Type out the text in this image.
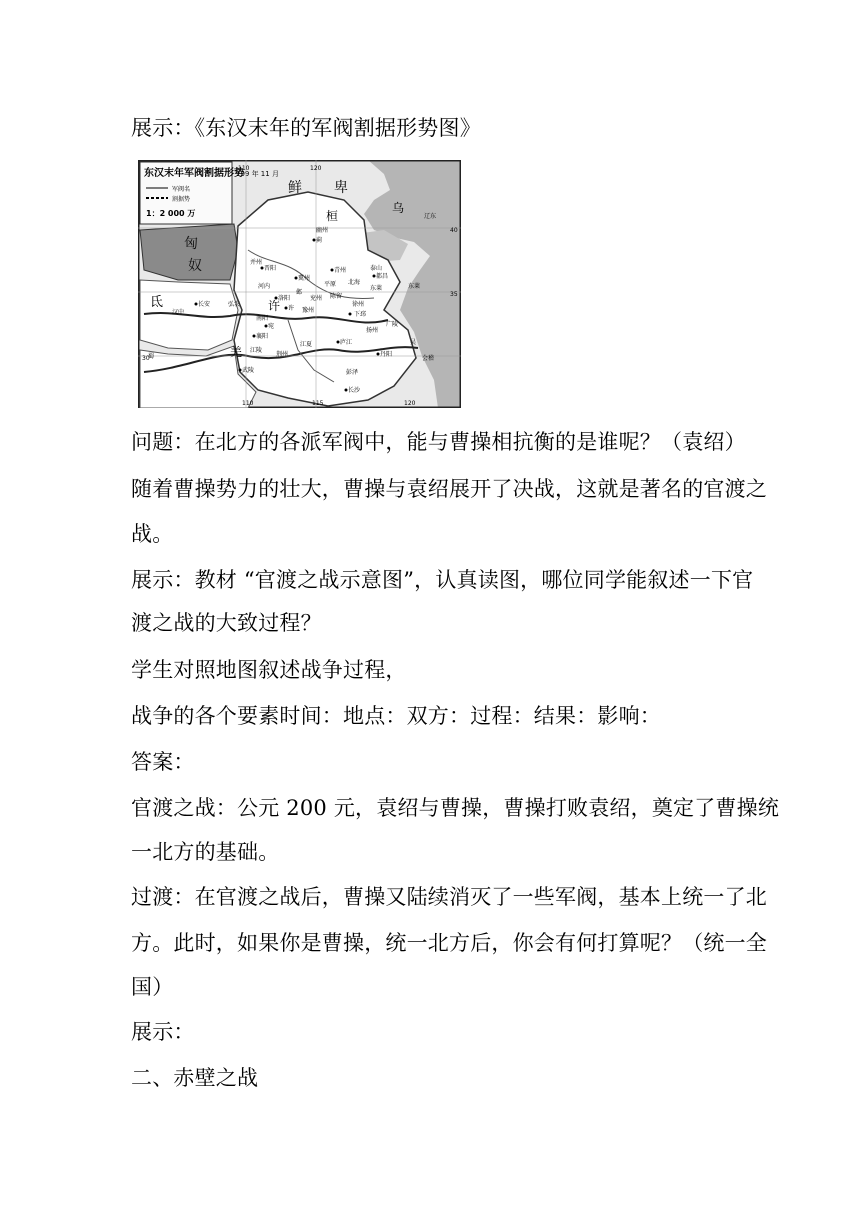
展示：《东汉末年的军阀割据形势图》
东汉末年军阀割据形势
199 年 11 月
军阀名
割据势
1：2 000 万
鲜 卑
乌
桓
匈
奴
氐	许
羌
辽东
幽州
蓟
冀州
青州
东莱
并州
晋阳
都昌
北海
东莱
邺
平原
河内
洛阳	兖州
徐州
下邳
长安	弘农
许 豫州
南阳
广陵
襄阳
宛
江夏	庐江
扬州
吴
武陵
长沙
会稽
丹阳
汉中
蜀
江陵
彭泽
荆州
泰山
陈留
110	120
40
35
30
110	115	120
问题：在北方的各派军阀中，能与曹操相抗衡的是谁呢？（袁绍）
随着曹操势力的壮大，曹操与袁绍展开了决战，这就是著名的官渡之
战。
展示：教材 “官渡之战示意图”，认真读图，哪位同学能叙述一下官
渡之战的大致过程？
学生对照地图叙述战争过程，
战争的各个要素时间：地点：双方：过程：结果：影响：
答案：
官渡之战：公元 200 元，袁绍与曹操，曹操打败袁绍，奠定了曹操统
一北方的基础。
过渡：在官渡之战后，曹操又陆续消灭了一些军阀，基本上统一了北
方。此时，如果你是曹操，统一北方后，你会有何打算呢？（统一全
国）
展示：
二、赤壁之战
